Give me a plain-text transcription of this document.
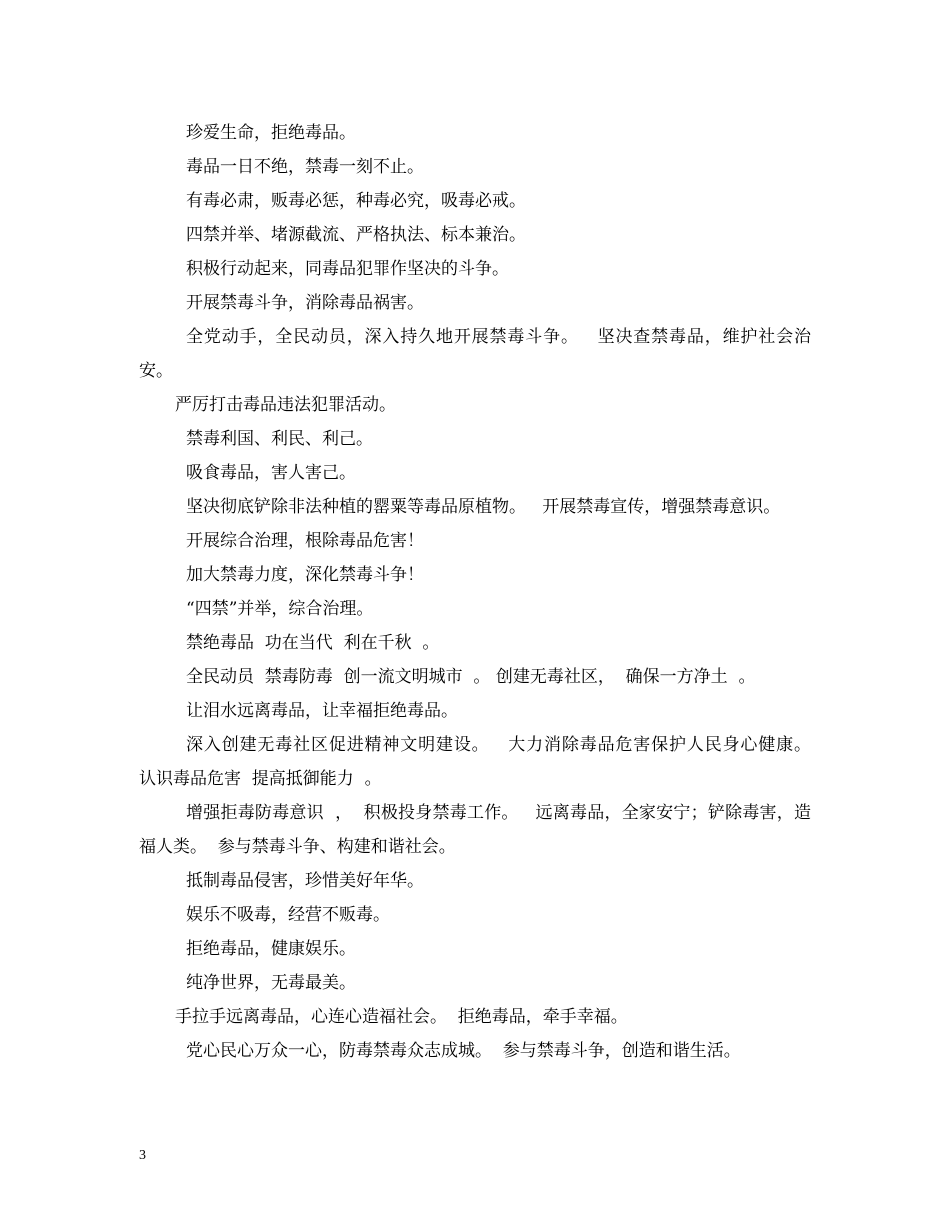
珍爱生命，拒绝毒品。

毒品一日不绝，禁毒一刻不止。

有毒必肃，贩毒必惩，种毒必究，吸毒必戒。

四禁并举、堵源截流、严格执法、标本兼治。

积极行动起来，同毒品犯罪作坚决的斗争。

开展禁毒斗争，消除毒品祸害。

全党动手，全民动员，深入持久地开展禁毒斗争。   坚决查禁毒品，维护社会治安。

严厉打击毒品违法犯罪活动。

禁毒利国、利民、利己。

吸食毒品，害人害己。

坚决彻底铲除非法种植的罂粟等毒品原植物。   开展禁毒宣传，增强禁毒意识。

开展综合治理，根除毒品危害！

加大禁毒力度，深化禁毒斗争！

“四禁”并举，综合治理。

禁绝毒品  功在当代  利在千秋  。

全民动员  禁毒防毒  创一流文明城市  。 创建无毒社区，  确保一方净土  。

让泪水远离毒品，让幸福拒绝毒品。

深入创建无毒社区促进精神文明建设。   大力消除毒品危害保护人民身心健康。   认识毒品危害  提高抵御能力  。

增强拒毒防毒意识  ，  积极投身禁毒工作。   远离毒品，全家安宁；铲除毒害，造福人类。  参与禁毒斗争、构建和谐社会。

抵制毒品侵害，珍惜美好年华。

娱乐不吸毒，经营不贩毒。

拒绝毒品，健康娱乐。

纯净世界，无毒最美。

手拉手远离毒品，心连心造福社会。  拒绝毒品，牵手幸福。

党心民心万众一心，防毒禁毒众志成城。  参与禁毒斗争，创造和谐生活。

3
